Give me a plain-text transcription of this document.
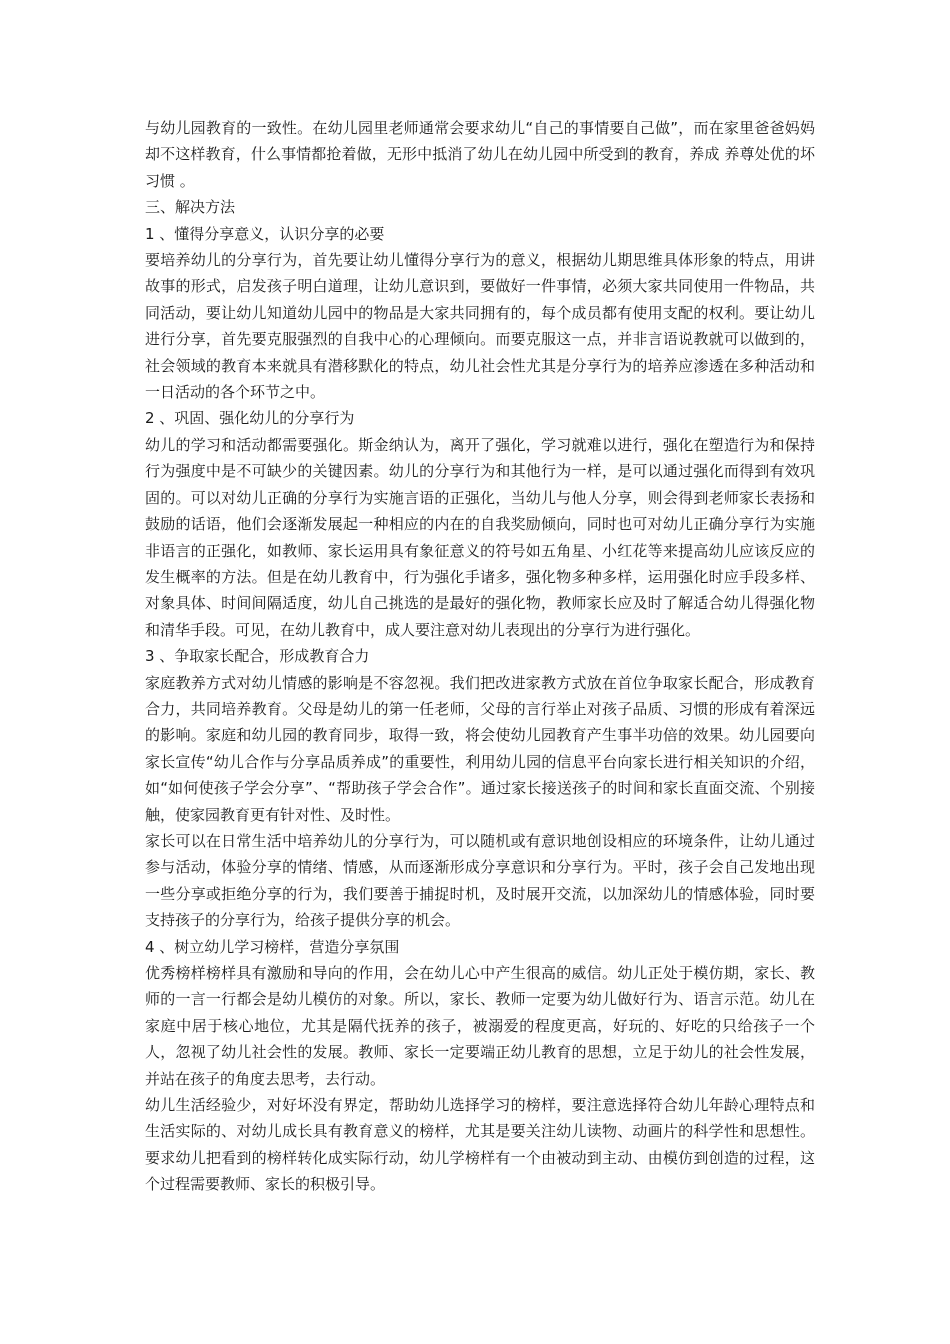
与幼儿园教育的一致性。在幼儿园里老师通常会要求幼儿“自己的事情要自己做”，而在家里爸爸妈妈却不这样教育，什么事情都抢着做，无形中抵消了幼儿在幼儿园中所受到的教育，养成 养尊处优的坏习惯 。

三、解决方法

1 、懂得分享意义，认识分享的必要

要培养幼儿的分享行为，首先要让幼儿懂得分享行为的意义，根据幼儿期思维具体形象的特点，用讲故事的形式，启发孩子明白道理，让幼儿意识到，要做好一件事情，必须大家共同使用一件物品，共同活动，要让幼儿知道幼儿园中的物品是大家共同拥有的，每个成员都有使用支配的权利。要让幼儿进行分享，首先要克服强烈的自我中心的心理倾向。而要克服这一点，并非言语说教就可以做到的，社会领域的教育本来就具有潜移默化的特点，幼儿社会性尤其是分享行为的培养应渗透在多种活动和一日活动的各个环节之中。

2 、巩固、强化幼儿的分享行为

幼儿的学习和活动都需要强化。斯金纳认为，离开了强化，学习就难以进行，强化在塑造行为和保持行为强度中是不可缺少的关键因素。幼儿的分享行为和其他行为一样，是可以通过强化而得到有效巩固的。可以对幼儿正确的分享行为实施言语的正强化，当幼儿与他人分享，则会得到老师家长表扬和鼓励的话语，他们会逐渐发展起一种相应的内在的自我奖励倾向，同时也可对幼儿正确分享行为实施非语言的正强化，如教师、家长运用具有象征意义的符号如五角星、小红花等来提高幼儿应该反应的发生概率的方法。但是在幼儿教育中，行为强化手诸多，强化物多种多样，运用强化时应手段多样、对象具体、时间间隔适度，幼儿自己挑选的是最好的强化物，教师家长应及时了解适合幼儿得强化物和清华手段。可见，在幼儿教育中，成人要注意对幼儿表现出的分享行为进行强化。

3 、争取家长配合，形成教育合力

家庭教养方式对幼儿情感的影响是不容忽视。我们把改进家教方式放在首位争取家长配合，形成教育合力，共同培养教育。父母是幼儿的第一任老师，父母的言行举止对孩子品质、习惯的形成有着深远的影响。家庭和幼儿园的教育同步，取得一致，将会使幼儿园教育产生事半功倍的效果。幼儿园要向家长宣传“幼儿合作与分享品质养成”的重要性，利用幼儿园的信息平台向家长进行相关知识的介绍，如“如何使孩子学会分享”、“帮助孩子学会合作”。通过家长接送孩子的时间和家长直面交流、个别接触，使家园教育更有针对性、及时性。

家长可以在日常生活中培养幼儿的分享行为，可以随机或有意识地创设相应的环境条件，让幼儿通过参与活动，体验分享的情绪、情感，从而逐渐形成分享意识和分享行为。平时，孩子会自己发地出现一些分享或拒绝分享的行为，我们要善于捕捉时机，及时展开交流，以加深幼儿的情感体验，同时要支持孩子的分享行为，给孩子提供分享的机会。

4 、树立幼儿学习榜样，营造分享氛围

优秀榜样榜样具有激励和导向的作用，会在幼儿心中产生很高的威信。幼儿正处于模仿期，家长、教师的一言一行都会是幼儿模仿的对象。所以，家长、教师一定要为幼儿做好行为、语言示范。幼儿在家庭中居于核心地位，尤其是隔代抚养的孩子，被溺爱的程度更高，好玩的、好吃的只给孩子一个人，忽视了幼儿社会性的发展。教师、家长一定要端正幼儿教育的思想，立足于幼儿的社会性发展，并站在孩子的角度去思考，去行动。

幼儿生活经验少，对好坏没有界定，帮助幼儿选择学习的榜样，要注意选择符合幼儿年龄心理特点和生活实际的、对幼儿成长具有教育意义的榜样，尤其是要关注幼儿读物、动画片的科学性和思想性。要求幼儿把看到的榜样转化成实际行动，幼儿学榜样有一个由被动到主动、由模仿到创造的过程，这个过程需要教师、家长的积极引导。
